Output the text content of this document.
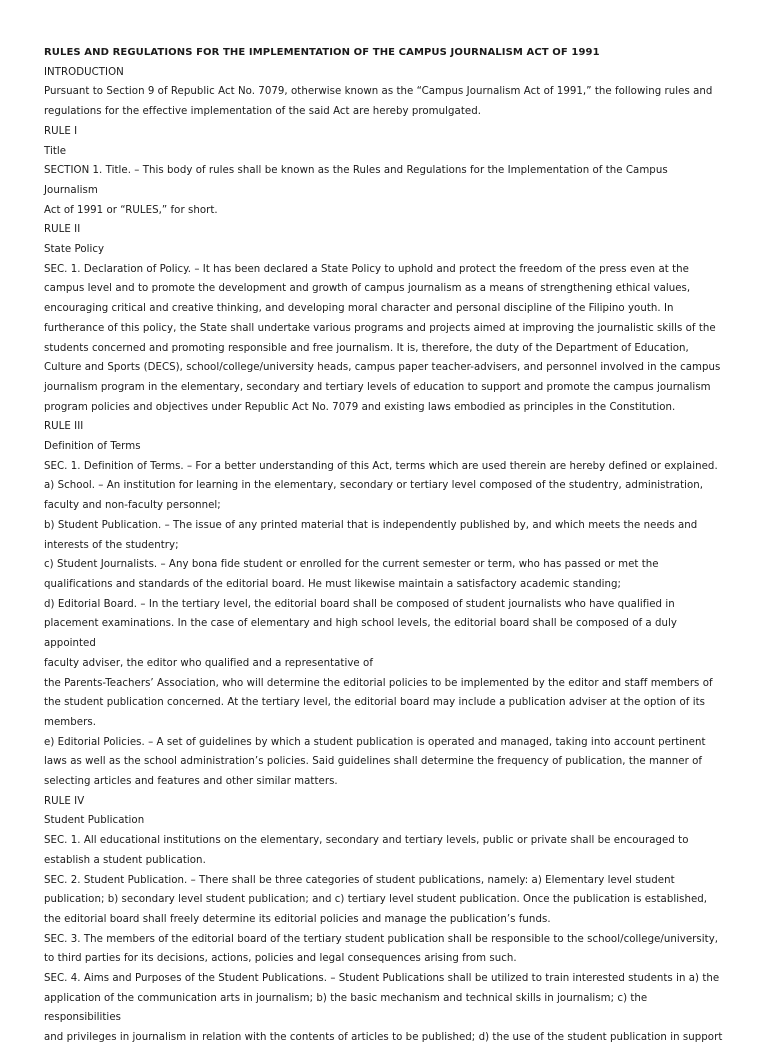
RULES AND REGULATIONS FOR THE IMPLEMENTATION OF THE CAMPUS JOURNALISM ACT OF 1991

INTRODUCTION

Pursuant to Section 9 of Republic Act No. 7079, otherwise known as the “Campus Journalism Act of 1991,” the following rules and

regulations for the effective implementation of the said Act are hereby promulgated.

RULE I

Title

SECTION 1. Title. – This body of rules shall be known as the Rules and Regulations for the Implementation of the Campus Journalism

Act of 1991 or “RULES,” for short.

RULE II

State Policy

SEC. 1. Declaration of Policy. – It has been declared a State Policy to uphold and protect the freedom of the press even at the

campus level and to promote the development and growth of campus journalism as a means of strengthening ethical values,

encouraging critical and creative thinking, and developing moral character and personal discipline of the Filipino youth. In

furtherance of this policy, the State shall undertake various programs and projects aimed at improving the journalistic skills of the

students concerned and promoting responsible and free journalism. It is, therefore, the duty of the Department of Education,

Culture and Sports (DECS), school/college/university heads, campus paper teacher-advisers, and personnel involved in the campus

journalism program in the elementary, secondary and tertiary levels of education to support and promote the campus journalism

program policies and objectives under Republic Act No. 7079 and existing laws embodied as principles in the Constitution.

RULE III

Definition of Terms

SEC. 1. Definition of Terms. – For a better understanding of this Act, terms which are used therein are hereby defined or explained.

a) School. – An institution for learning in the elementary, secondary or tertiary level composed of the studentry, administration,

faculty and non-faculty personnel;

b) Student Publication. – The issue of any printed material that is independently published by, and which meets the needs and

interests of the studentry;

c) Student Journalists. – Any bona fide student or enrolled for the current semester or term, who has passed or met the

qualifications and standards of the editorial board. He must likewise maintain a satisfactory academic standing;

d) Editorial Board. – In the tertiary level, the editorial board shall be composed of student journalists who have qualified in

placement examinations. In the case of elementary and high school levels, the editorial board shall be composed of a duly appointed

faculty adviser, the editor who qualified and a representative of

the Parents-Teachers’ Association, who will determine the editorial policies to be implemented by the editor and staff members of

the student publication concerned. At the tertiary level, the editorial board may include a publication adviser at the option of its

members.

e) Editorial Policies. – A set of guidelines by which a student publication is operated and managed, taking into account pertinent

laws as well as the school administration’s policies. Said guidelines shall determine the frequency of publication, the manner of

selecting articles and features and other similar matters.

RULE IV

Student Publication

SEC. 1. All educational institutions on the elementary, secondary and tertiary levels, public or private shall be encouraged to

establish a student publication.

SEC. 2. Student Publication. – There shall be three categories of student publications, namely: a) Elementary level student

publication; b) secondary level student publication; and c) tertiary level student publication. Once the publication is established,

the editorial board shall freely determine its editorial policies and manage the publication’s funds.

SEC. 3. The members of the editorial board of the tertiary student publication shall be responsible to the school/college/university,

to third parties for its decisions, actions, policies and legal consequences arising from such.

SEC. 4. Aims and Purposes of the Student Publications. – Student Publications shall be utilized to train interested students in a) the

application of the communication arts in journalism; b) the basic mechanism and technical skills in journalism; c) the responsibilities

and privileges in journalism in relation with the contents of articles to be published; d) the use of the student publication in support
